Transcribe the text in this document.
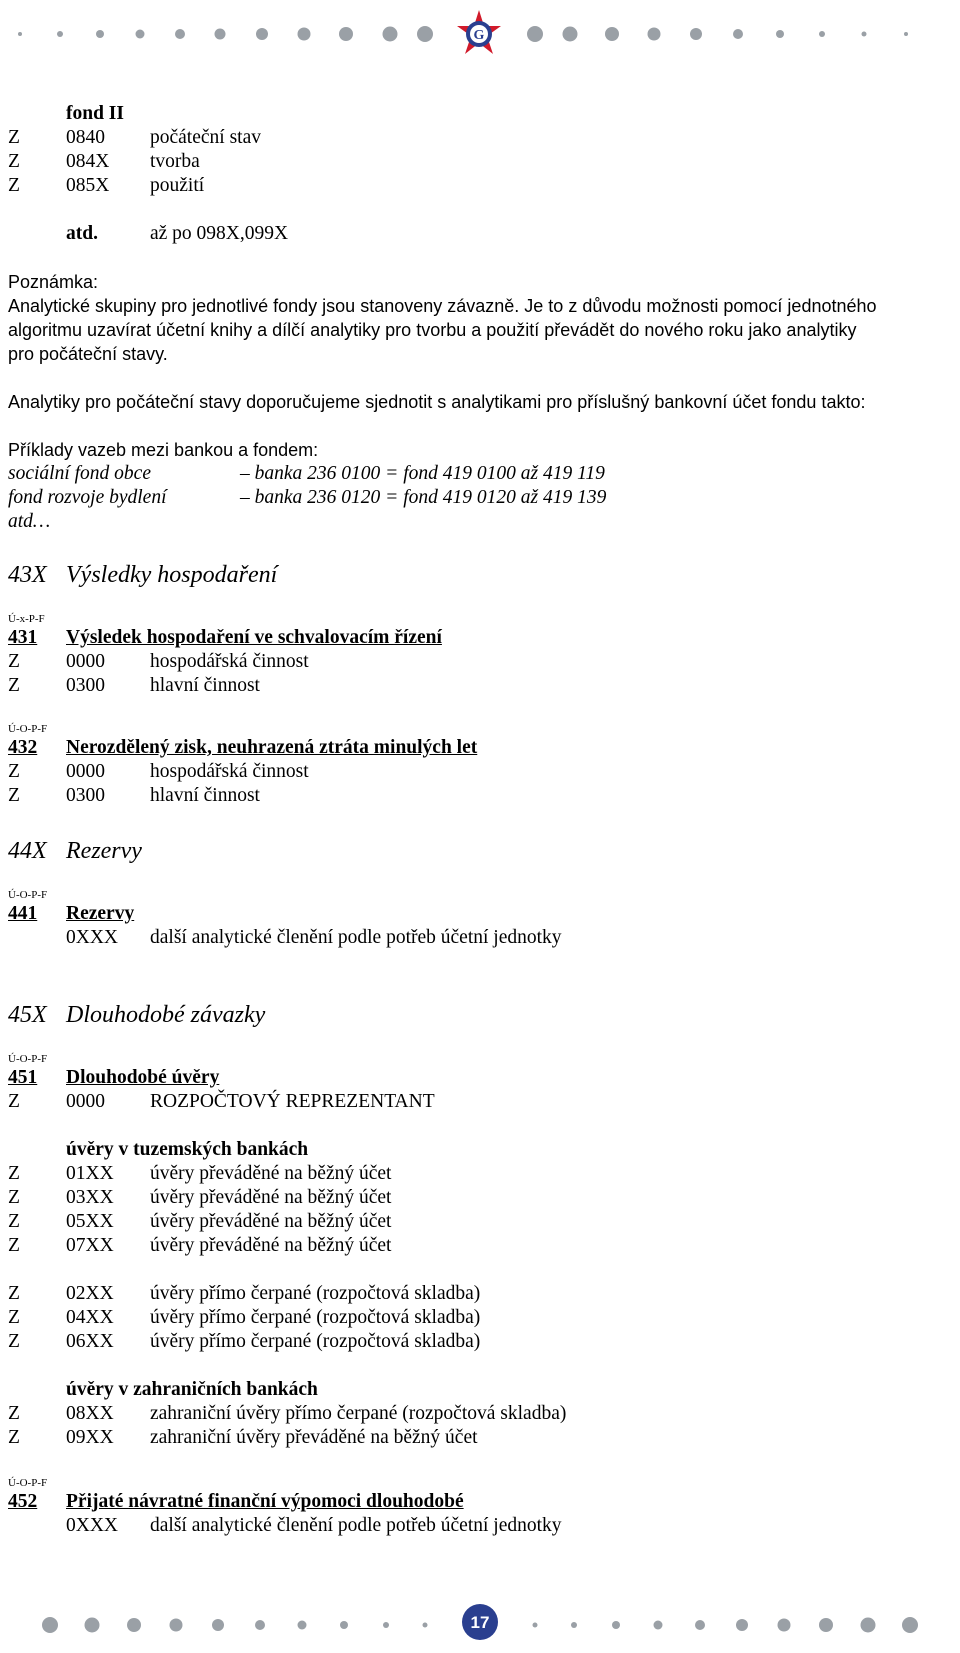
G
17
fond II
Z 0840 počáteční stav
Z 084X tvorba
Z 085X použití
atd.	až po 098X,099X
Poznámka:
Analytické skupiny pro jednotlivé fondy jsou stanoveny závazně. Je to z důvodu možnosti pomocí jednotného
algoritmu uzavírat účetní knihy a dílčí analytiky pro tvorbu a použití převádět do nového roku jako analytiky
pro počáteční stavy.
Analytiky pro počáteční stavy doporučujeme sjednotit s analytikami pro příslušný bankovní účet fondu takto:
Příklady vazeb mezi bankou a fondem:
sociální fond obce	– banka 236 0100 = fond 419 0100 až 419 119
fond rozvoje bydlení	– banka 236 0120 = fond 419 0120 až 419 139
atd…
43X Výsledky hospodaření
Ú-x-P-F
431 Výsledek hospodaření ve schvalovacím řízení
Z 0000 hospodářská činnost
Z 0300 hlavní činnost
Ú-O-P-F
432 Nerozdělený zisk, neuhrazená ztráta minulých let
Z 0000 hospodářská činnost
Z 0300 hlavní činnost
44X Rezervy
Ú-O-P-F
441 Rezervy
0XXX další analytické členění podle potřeb účetní jednotky
45X Dlouhodobé závazky
Ú-O-P-F
451 Dlouhodobé úvěry
Z 0000 ROZPOČTOVÝ REPREZENTANT
úvěry v tuzemských bankách
Z 01XX úvěry převáděné na běžný účet
Z 03XX úvěry převáděné na běžný účet
Z 05XX úvěry převáděné na běžný účet
Z 07XX úvěry převáděné na běžný účet
Z 02XX úvěry přímo čerpané (rozpočtová skladba)
Z 04XX úvěry přímo čerpané (rozpočtová skladba)
Z 06XX úvěry přímo čerpané (rozpočtová skladba)
úvěry v zahraničních bankách
Z 08XX zahraniční úvěry přímo čerpané (rozpočtová skladba)
Z 09XX zahraniční úvěry převáděné na běžný účet
Ú-O-P-F
452 Přijaté návratné finanční výpomoci dlouhodobé
0XXX další analytické členění podle potřeb účetní jednotky
